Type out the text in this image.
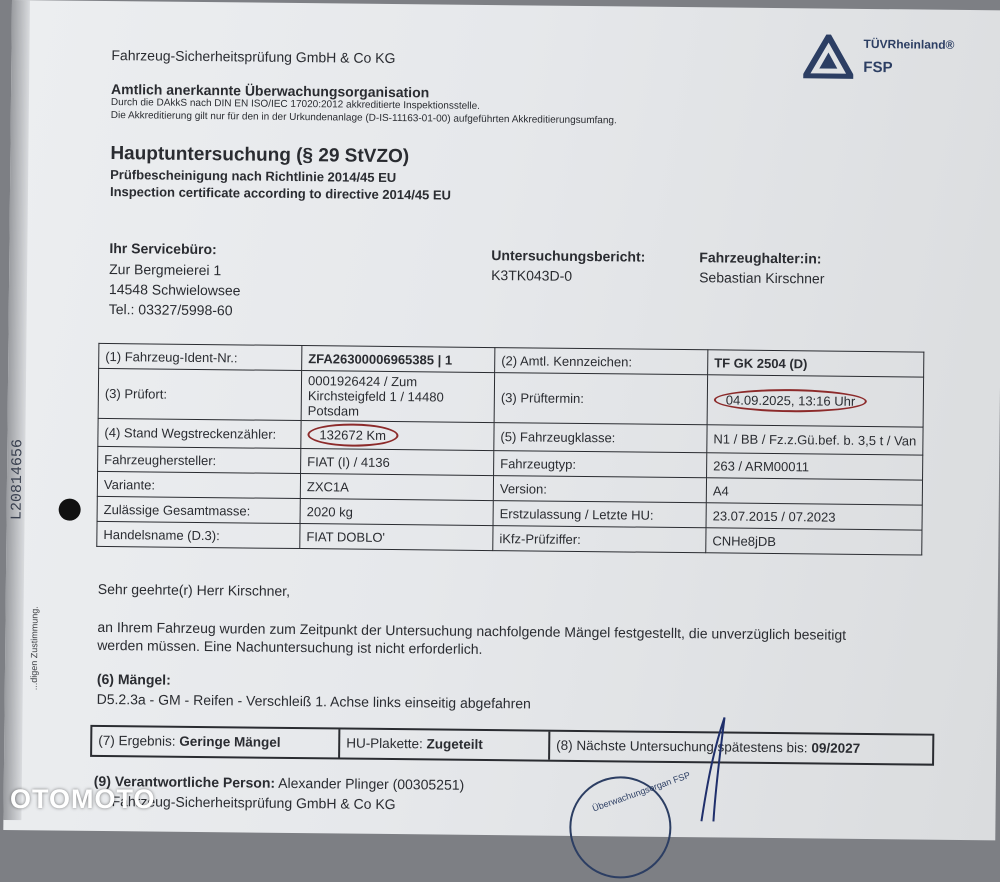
Fahrzeug-Sicherheitsprüfung GmbH & Co KG
Amtlich anerkannte Überwachungsorganisation
Durch die DAkkS nach DIN EN ISO/IEC 17020:2012 akkreditierte Inspektionsstelle.
Die Akkreditierung gilt nur für den in der Urkundenanlage (D-IS-11163-01-00) aufgeführten Akkreditierungsumfang.
TÜVRheinland®
FSP
Hauptuntersuchung (§ 29 StVZO)
Prüfbescheinigung nach Richtlinie 2014/45 EU
Inspection certificate according to directive 2014/45 EU
Ihr Servicebüro:
Zur Bergmeierei 1
14548 Schwielowsee
Tel.: 03327/5998-60
Untersuchungsbericht:
K3TK043D-0
Fahrzeughalter:in:
Sebastian Kirschner
(1) Fahrzeug-Ident-Nr.:	ZFA26300006965385 | 1	(2) Amtl. Kennzeichen:	TF GK 2504 (D)
(3) Prüfort:	0001926424 / Zum Kirchsteigfeld 1 / 14480 Potsdam	(3) Prüftermin:	04.09.2025, 13:16 Uhr
(4) Stand Wegstreckenzähler:	132672 Km	(5) Fahrzeugklasse:	N1 / BB / Fz.z.Gü.bef. b. 3,5 t / Van
Fahrzeughersteller:	FIAT (I) / 4136	Fahrzeugtyp:	263 / ARM00011
Variante:	ZXC1A	Version:	A4
Zulässige Gesamtmasse:	2020 kg	Erstzulassung / Letzte HU:	23.07.2015 / 07.2023
Handelsname (D.3):	FIAT DOBLO'	iKfz-Prüfziffer:	CNHe8jDB
Sehr geehrte(r) Herr Kirschner,
an Ihrem Fahrzeug wurden zum Zeitpunkt der Untersuchung nachfolgende Mängel festgestellt, die unverzüglich beseitigt
werden müssen. Eine Nachuntersuchung ist nicht erforderlich.
(6) Mängel:
D5.2.3a - GM - Reifen - Verschleiß 1. Achse links einseitig abgefahren
(7) Ergebnis: Geringe Mängel	HU-Plakette: Zugeteilt	(8) Nächste Untersuchung spätestens bis: 09/2027
(9) Verantwortliche Person: Alexander Plinger (00305251)
Fahrzeug-Sicherheitsprüfung GmbH & Co KG	Überwachungsorgan FSP
L20814656
...digen Zustimmung.
OTOMOTO
